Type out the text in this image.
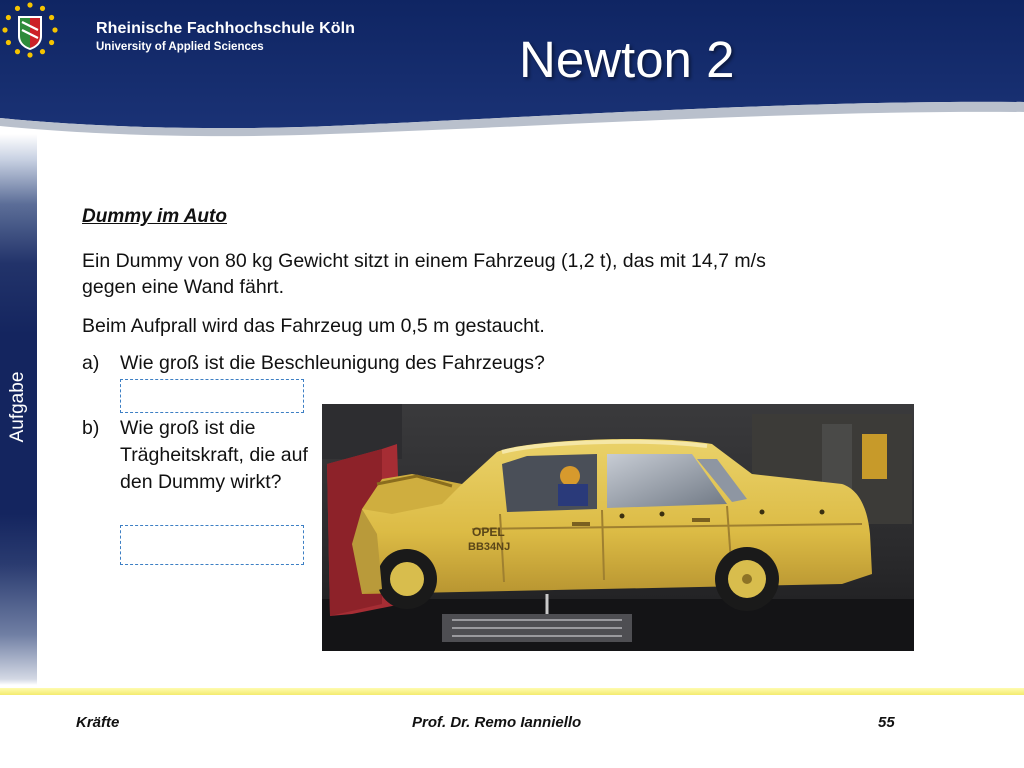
Rheinische Fachhochschule Köln
University of Applied Sciences	Newton 2
Aufgabe
Dummy im Auto
Ein Dummy von 80 kg Gewicht sitzt in einem Fahrzeug (1,2 t), das mit 14,7 m/s gegen eine Wand fährt.
Beim Aufprall wird das Fahrzeug um 0,5 m gestaucht.
a) Wie groß ist die Beschleunigung des Fahrzeugs?
b) Wie groß ist die Trägheitskraft, die auf den Dummy wirkt?
OPEL
BB34NJ
Kräfte	Prof. Dr. Remo Ianniello	55
